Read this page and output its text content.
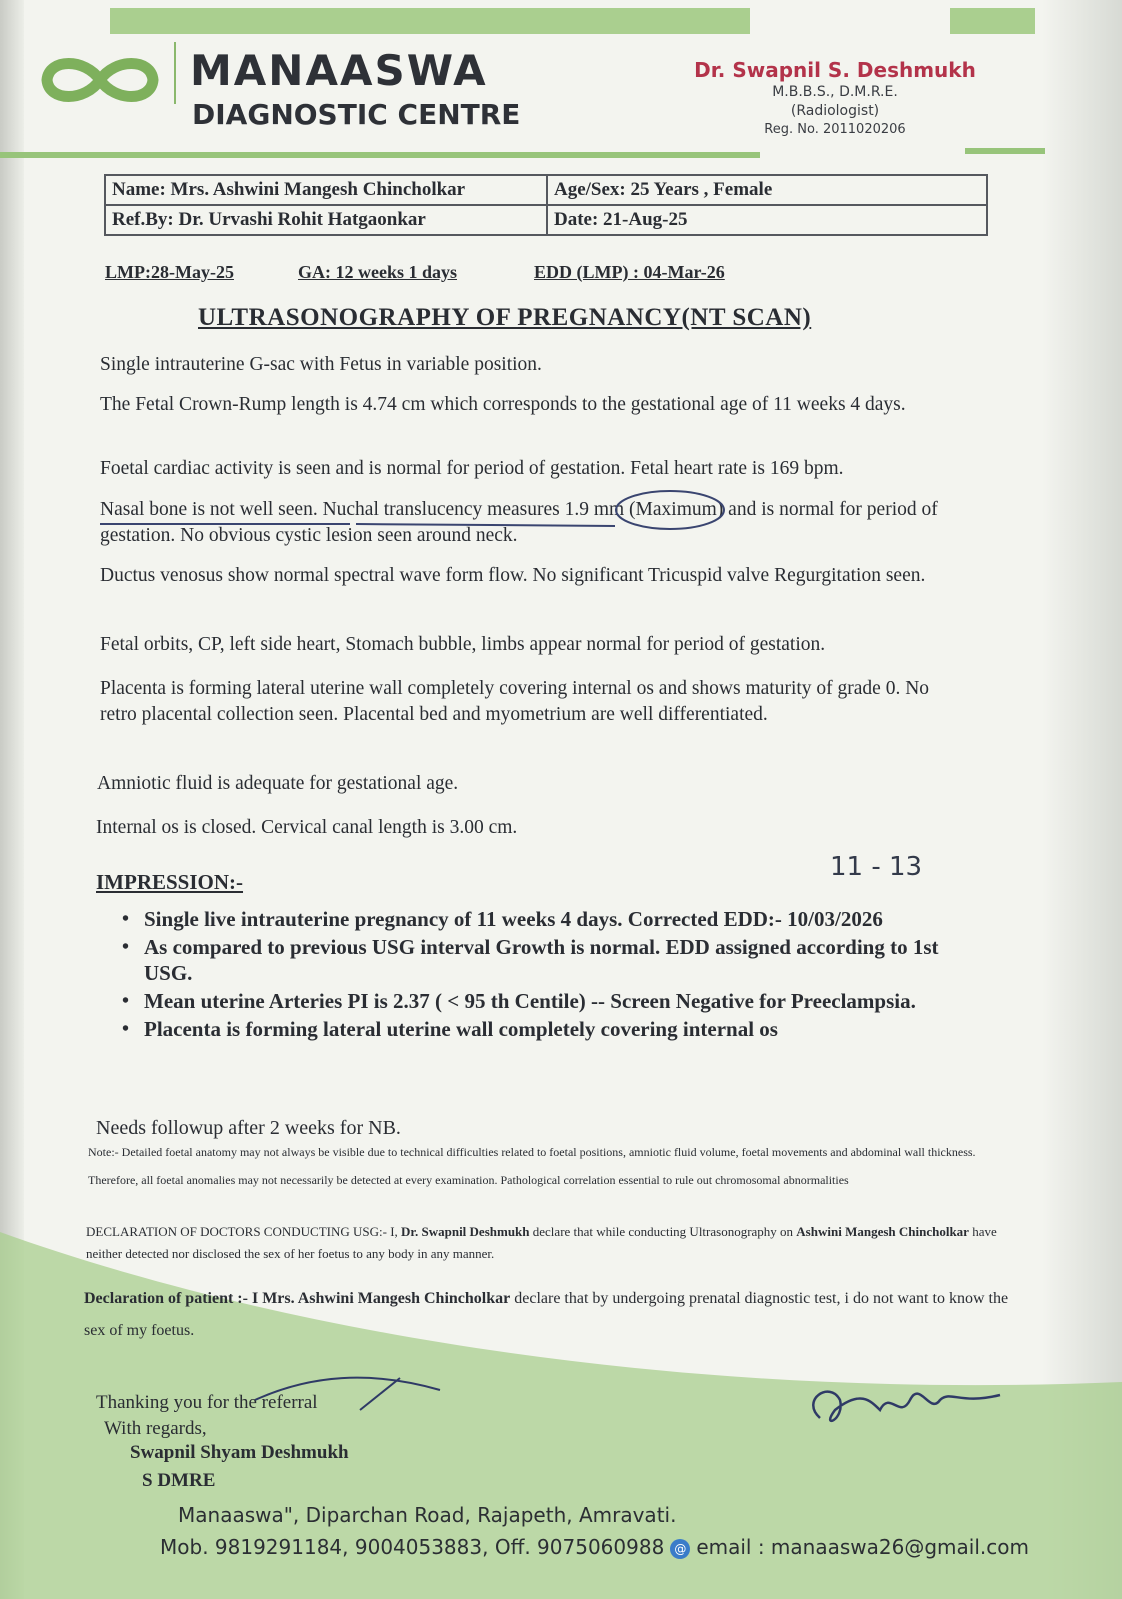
MANAASWA
DIAGNOSTIC CENTRE
Dr. Swapnil S. Deshmukh
M.B.B.S., D.M.R.E.
(Radiologist)
Reg. No. 2011020206
Name: Mrs. Ashwini Mangesh Chincholkar	Age/Sex: 25 Years , Female
Ref.By: Dr. Urvashi Rohit Hatgaonkar	Date: 21-Aug-25
LMP:28-May-25	GA: 12 weeks 1 days	EDD (LMP) : 04-Mar-26
ULTRASONOGRAPHY OF PREGNANCY(NT SCAN)
Single intrauterine G-sac with Fetus in variable position.
The Fetal Crown-Rump length is 4.74 cm which corresponds to the gestational age of 11 weeks 4 days.
Foetal cardiac activity is seen and is normal for period of gestation. Fetal heart rate is 169 bpm.
Nasal bone is not well seen. Nuchal translucency measures 1.9 mm (Maximum) and is normal for period of gestation. No obvious cystic lesion seen around neck.
Ductus venosus show normal spectral wave form flow. No significant Tricuspid valve Regurgitation seen.
Fetal orbits, CP, left side heart, Stomach bubble, limbs appear normal for period of gestation.
Placenta is forming lateral uterine wall completely covering internal os and shows maturity of grade 0. No retro placental collection seen. Placental bed and myometrium are well differentiated.
Amniotic fluid is adequate for gestational age.
Internal os is closed. Cervical canal length is 3.00 cm.
IMPRESSION:-	11 - 13
• Single live intrauterine pregnancy of 11 weeks 4 days. Corrected EDD:- 10/03/2026
• As compared to previous USG interval Growth is normal. EDD assigned according to 1st USG.
• Mean uterine Arteries PI is 2.37 ( < 95 th Centile) -- Screen Negative for Preeclampsia.
• Placenta is forming lateral uterine wall completely covering internal os
Needs followup after 2 weeks for NB.
Note:- Detailed foetal anatomy may not always be visible due to technical difficulties related to foetal positions, amniotic fluid volume, foetal movements and abdominal wall thickness. Therefore, all foetal anomalies may not necessarily be detected at every examination. Pathological correlation essential to rule out chromosomal abnormalities
DECLARATION OF DOCTORS CONDUCTING USG:- I, Dr. Swapnil Deshmukh declare that while conducting Ultrasonography on Ashwini Mangesh Chincholkar have neither detected nor disclosed the sex of her foetus to any body in any manner.
Declaration of patient :- I Mrs. Ashwini Mangesh Chincholkar declare that by undergoing prenatal diagnostic test, i do not want to know the sex of my foetus.
Thanking you for the referral
With regards,
Swapnil Shyam Deshmukh
S DMRE
Manaaswa", Diparchan Road, Rajapeth, Amravati.
Mob. 9819291184, 9004053883, Off. 9075060988 @ email : manaaswa26@gmail.com
